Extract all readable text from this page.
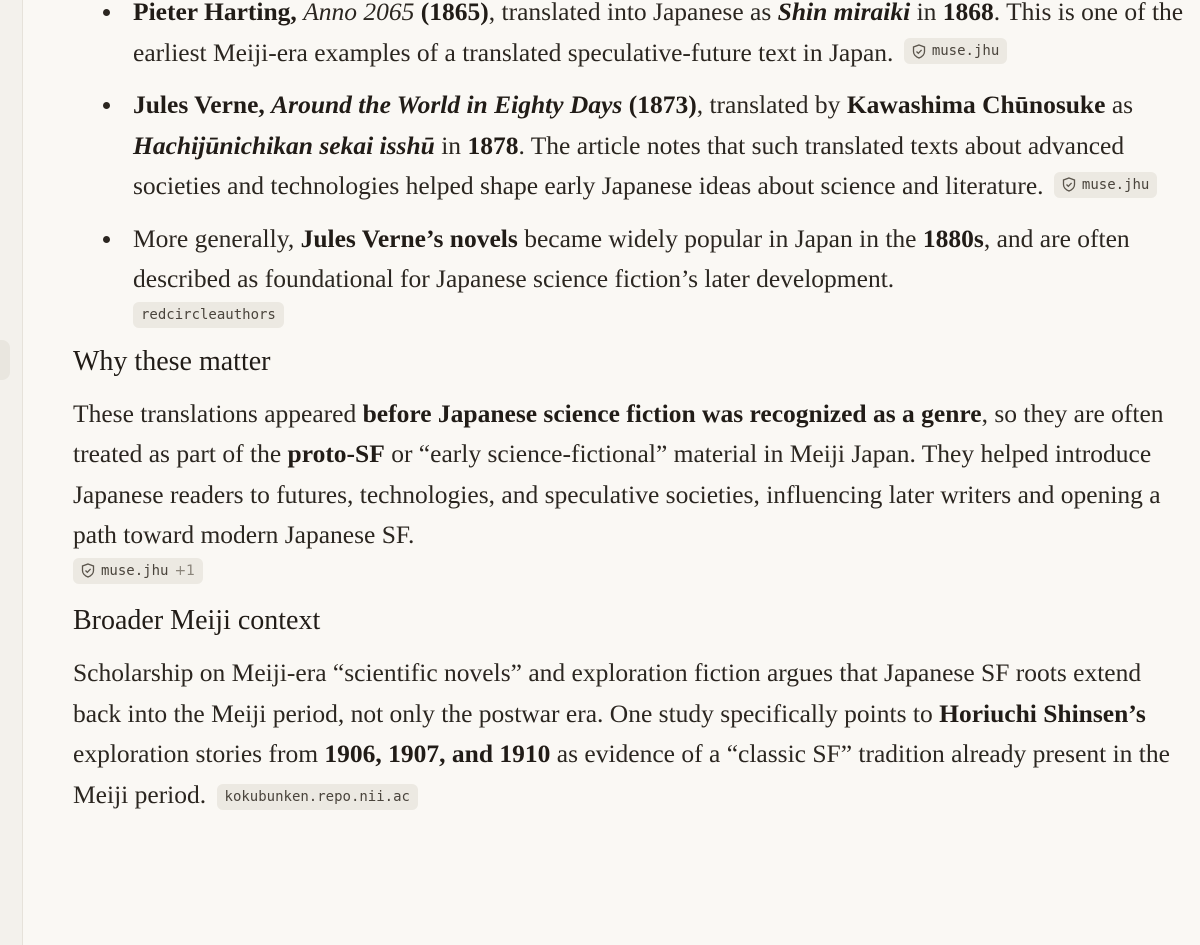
Pieter Harting, Anno 2065 (1865), translated into Japanese as Shin miraiki in 1868. This is one of the earliest Meiji-era examples of a translated speculative-future text in Japan.	muse.jhu
Jules Verne, Around the World in Eighty Days (1873), translated by Kawashima Chūnosuke as Hachijūnichikan sekai isshū in 1878. The article notes that such translated texts about advanced societies and technologies helped shape early Japanese ideas about science and literature.	muse.jhu
More generally, Jules Verne’s novels became widely popular in Japan in the 1880s, and are often described as foundational for Japanese science fiction’s later development.
redcircleauthors
Why these matter

These translations appeared before Japanese science fiction was recognized as a genre, so they are often treated as part of the proto-SF or “early science-fictional” material in Meiji Japan. They helped introduce Japanese readers to futures, technologies, and speculative societies, influencing later writers and opening a path toward modern Japanese SF.
muse.jhu +1

Broader Meiji context

Scholarship on Meiji-era “scientific novels” and exploration fiction argues that Japanese SF roots extend back into the Meiji period, not only the postwar era. One study specifically points to Horiuchi Shinsen’s exploration stories from 1906, 1907, and 1910 as evidence of a “classic SF” tradition already present in the Meiji period. kokubunken.repo.nii.ac
